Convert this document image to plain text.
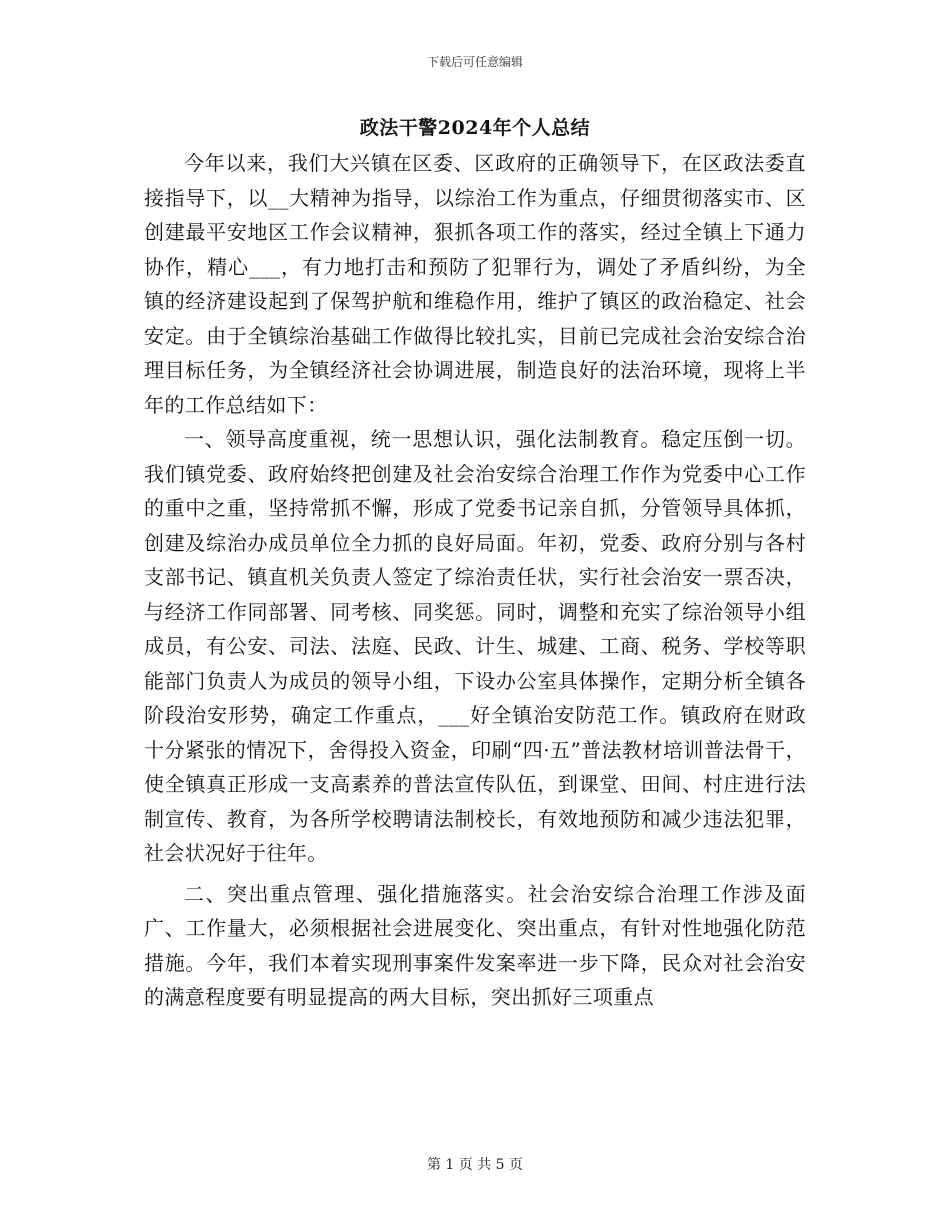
下载后可任意编辑
政法干警2024年个人总结

今年以来，我们大兴镇在区委、区政府的正确领导下，在区政法委直接指导下，以__大精神为指导，以综治工作为重点，仔细贯彻落实市、区创建最平安地区工作会议精神，狠抓各项工作的落实，经过全镇上下通力协作，精心___，有力地打击和预防了犯罪行为，调处了矛盾纠纷，为全镇的经济建设起到了保驾护航和维稳作用，维护了镇区的政治稳定、社会安定。由于全镇综治基础工作做得比较扎实，目前已完成社会治安综合治理目标任务，为全镇经济社会协调进展，制造良好的法治环境，现将上半年的工作总结如下：

一、领导高度重视，统一思想认识，强化法制教育。稳定压倒一切。我们镇党委、政府始终把创建及社会治安综合治理工作作为党委中心工作的重中之重，坚持常抓不懈，形成了党委书记亲自抓，分管领导具体抓，创建及综治办成员单位全力抓的良好局面。年初，党委、政府分别与各村支部书记、镇直机关负责人签定了综治责任状，实行社会治安一票否决，与经济工作同部署、同考核、同奖惩。同时，调整和充实了综治领导小组成员，有公安、司法、法庭、民政、计生、城建、工商、税务、学校等职能部门负责人为成员的领导小组，下设办公室具体操作，定期分析全镇各阶段治安形势，确定工作重点，___好全镇治安防范工作。镇政府在财政十分紧张的情况下，舍得投入资金，印刷“四·五”普法教材培训普法骨干，使全镇真正形成一支高素养的普法宣传队伍，到课堂、田间、村庄进行法制宣传、教育，为各所学校聘请法制校长，有效地预防和减少违法犯罪，社会状况好于往年。

二、突出重点管理、强化措施落实。社会治安综合治理工作涉及面广、工作量大，必须根据社会进展变化、突出重点，有针对性地强化防范措施。今年，我们本着实现刑事案件发案率进一步下降，民众对社会治安的满意程度要有明显提高的两大目标，突出抓好三项重点

第 1 页 共 5 页
